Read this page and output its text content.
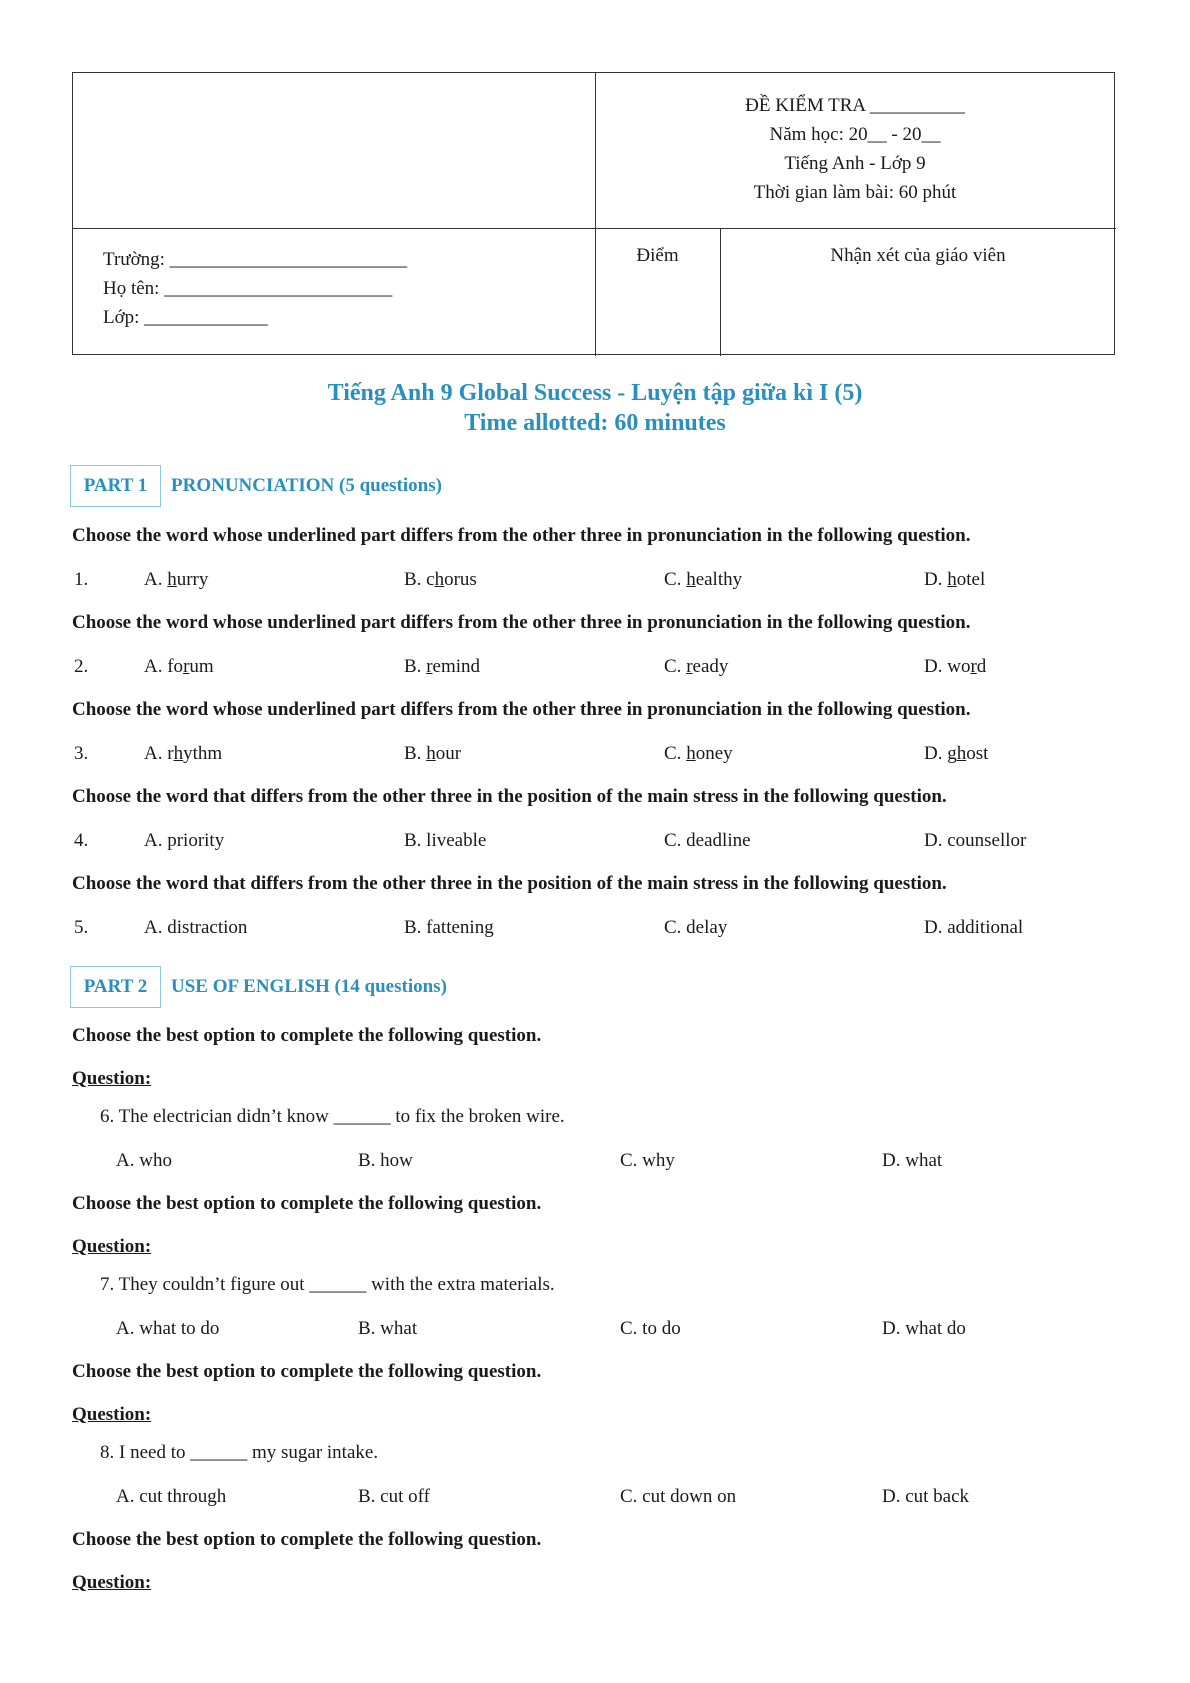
ĐỀ KIỂM TRA __________
Năm học: 20__ - 20__
Tiếng Anh - Lớp 9
Thời gian làm bài: 60 phút
Trường: _________________________
Họ tên: ________________________
Lớp: _____________
Điểm	Nhận xét của giáo viên
Tiếng Anh 9 Global Success - Luyện tập giữa kì I (5)
Time allotted: 60 minutes
PART 1	PRONUNCIATION (5 questions)
Choose the word whose underlined part differs from the other three in pronunciation in the following question.
1.	A. hurry	B. chorus	C. healthy	D. hotel
Choose the word whose underlined part differs from the other three in pronunciation in the following question.
2.	A. forum	B. remind	C. ready	D. word
Choose the word whose underlined part differs from the other three in pronunciation in the following question.
3.	A. rhythm	B. hour	C. honey	D. ghost
Choose the word that differs from the other three in the position of the main stress in the following question.
4.	A. priority	B. liveable	C. deadline	D. counsellor
Choose the word that differs from the other three in the position of the main stress in the following question.
5.	A. distraction	B. fattening	C. delay	D. additional
PART 2	USE OF ENGLISH (14 questions)
Choose the best option to complete the following question.
Question:
6. The electrician didn’t know ______ to fix the broken wire.
A. who	B. how	C. why	D. what
Choose the best option to complete the following question.
Question:
7. They couldn’t figure out ______ with the extra materials.
A. what to do	B. what	C. to do	D. what do
Choose the best option to complete the following question.
Question:
8. I need to ______ my sugar intake.
A. cut through	B. cut off	C. cut down on	D. cut back
Choose the best option to complete the following question.
Question:
